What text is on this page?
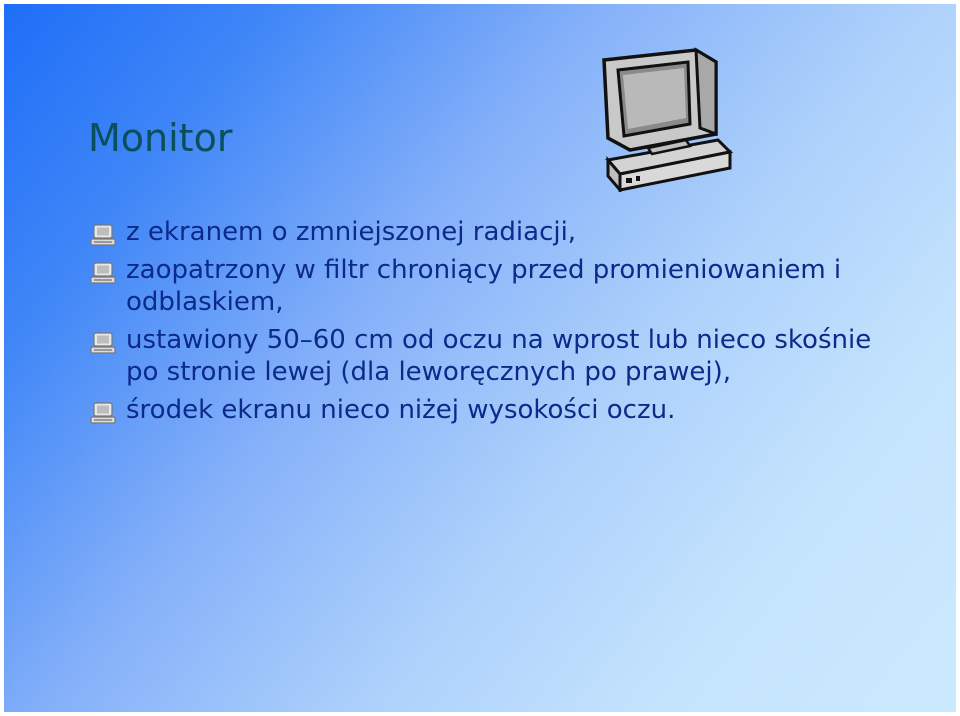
Monitor
z ekranem o zmniejszonej radiacji,
zaopatrzony w filtr chroniący przed promieniowaniem i odblaskiem,
ustawiony 50–60 cm od oczu na wprost lub nieco skośnie po stronie lewej (dla leworęcznych po prawej),
środek ekranu nieco niżej wysokości oczu.
